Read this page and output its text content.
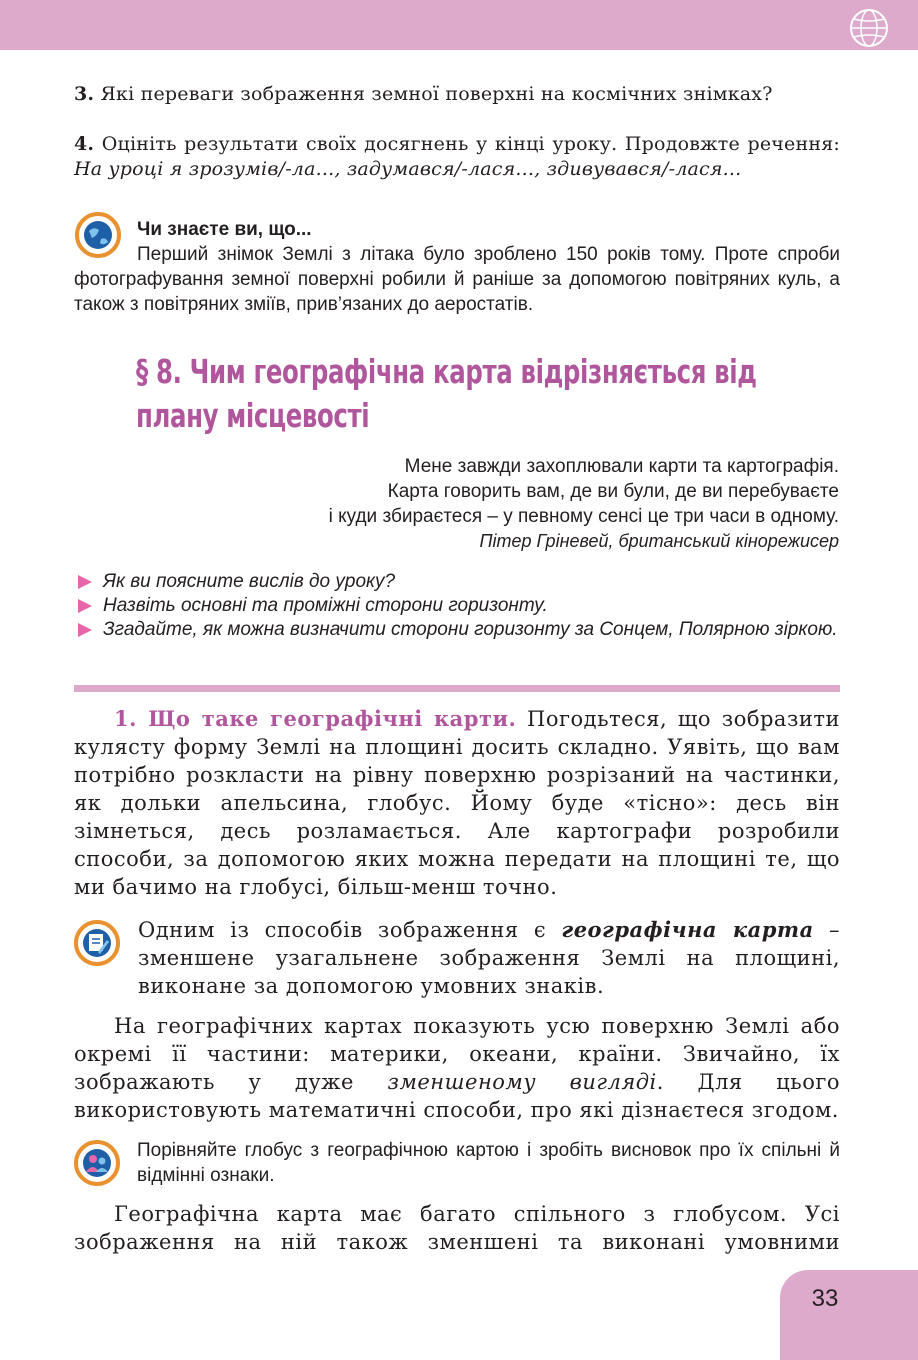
3. Які переваги зображення земної поверхні на космічних знімках?

4. Оцініть результати своїх досягнень у кінці уроку. Продовжте речення: На уроці я зрозумів/-ла..., задумався/-лася..., здивувався/-лася...

Чи знаєте ви, що...

Перший знімок Землі з літака було зроблено 150 років тому. Проте спроби фотографування земної поверхні робили й раніше за допомогою повітряних куль, а також з повітряних зміїв, прив’язаних до аеростатів.

§ 8. Чим географічна карта відрізняється від плану місцевості
Мене завжди захоплювали карти та картографія.
Карта говорить вам, де ви були, де ви перебуваєте
і куди збираєтеся – у певному сенсі це три часи в одному.
Пітер Гріневей, британський кінорежисер
Як ви поясните вислів до уроку?
Назвіть основні та проміжні сторони горизонту.
Згадайте, як можна визначити сторони горизонту за Сонцем, Полярною зіркою.

1. Що таке географічні карти. Погодьтеся, що зобразити кулясту форму Землі на площині досить складно. Уявіть, що вам потрібно розкласти на рівну поверхню розрізаний на частинки, як дольки апельсина, глобус. Йому буде «тісно»: десь він зімнеться, десь розламається. Але картографи розробили способи, за допомогою яких можна передати на площині те, що ми бачимо на глобусі, більш-менш точно.

Одним із способів зображення є географічна карта – зменшене узагальнене зображення Землі на площині, виконане за допомогою умовних знаків.

На географічних картах показують усю поверхню Землі або окремі її частини: материки, океани, країни. Звичайно, їх зображають у дуже зменшеному вигляді. Для цього використовують математичні способи, про які дізнаєтеся згодом.

Порівняйте глобус з географічною картою і зробіть висновок про їх спільні й відмінні ознаки.

Географічна карта має багато спільного з глобусом. Усі зображення на ній також зменшені та виконані умовними

33
